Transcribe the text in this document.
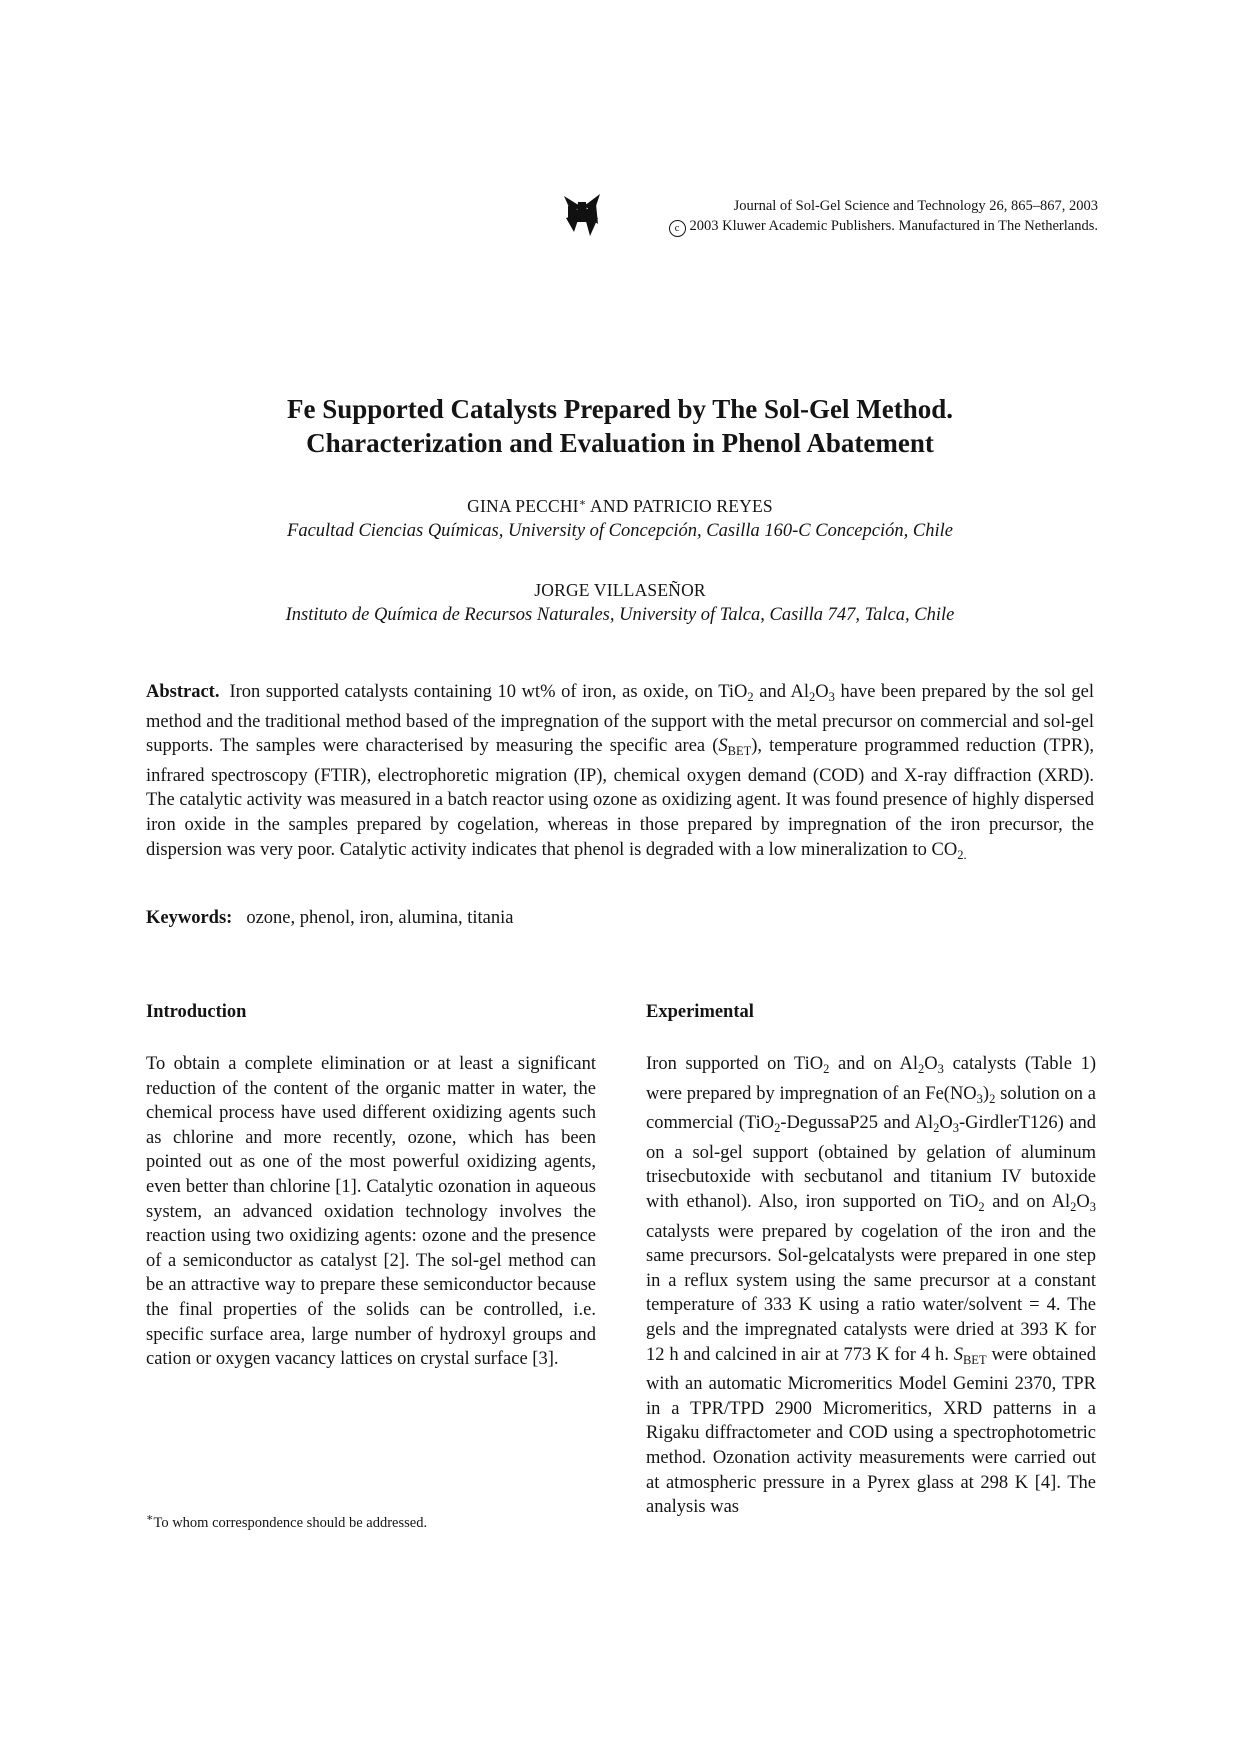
Journal of Sol-Gel Science and Technology 26, 865–867, 2003
c 2003 Kluwer Academic Publishers. Manufactured in The Netherlands.
Fe Supported Catalysts Prepared by The Sol-Gel Method.
Characterization and Evaluation in Phenol Abatement
GINA PECCHI∗ AND PATRICIO REYES
Facultad Ciencias Químicas, University of Concepción, Casilla 160-C Concepción, Chile
JORGE VILLASEÑOR
Instituto de Química de Recursos Naturales, University of Talca, Casilla 747, Talca, Chile
Abstract. Iron supported catalysts containing 10 wt% of iron, as oxide, on TiO$_2$ and $Al_2O_3$ have been prepared by the sol gel method and the traditional method based of the impregnation of the support with the metal precursor on commercial and sol-gel supports. The samples were characterised by measuring the specific area $(S_{BET})$, temperature programmed reduction (TPR), infrared spectroscopy (FTIR), electrophoretic migration (IP), chemical oxygen demand (COD) and X-ray diffraction (XRD). The catalytic activity was measured in a batch reactor using ozone as oxidizing agent. It was found presence of highly dispersed iron oxide in the samples prepared by cogelation, whereas in those prepared by impregnation of the iron precursor, the dispersion was very poor. Catalytic activity indicates that phenol is degraded with a low mineralization to $CO_{2.}$
Keywords: ozone, phenol, iron, alumina, titania
Introduction	Experimental

To obtain a complete elimination or at least a significant reduction of the content of the organic matter in water, the chemical process have used different oxidizing agents such as chlorine and more recently, ozone, which has been pointed out as one of the most powerful oxidizing agents, even better than chlorine [1]. Catalytic ozonation in aqueous system, an advanced oxidation technology involves the reaction using two oxidizing agents: ozone and the presence of a semiconductor as catalyst [2]. The sol-gel method can be an attractive way to prepare these semiconductor because the final properties of the solids can be controlled, i.e. specific surface area, large number of hydroxyl groups and cation or oxygen vacancy lattices on crystal surface [3].

Iron supported on TiO$_2$ and on $Al_2O_3$ catalysts (Table 1) were prepared by impregnation of an $Fe(NO_3)_2$ solution on a commercial (TiO$_2$-DegussaP25 and $Al_2O_3-GirdlerT126$) and on a sol-gel support (obtained by gelation of aluminum trisecbutoxide with secbutanol and titanium IV butoxide with ethanol). Also, iron supported on TiO$_2$ and on $Al_2O_3$ catalysts were prepared by cogelation of the iron and the same precursors. Sol-gelcatalysts were prepared in one step in a reflux system using the same precursor at a constant temperature of 333 K using a ratio water/solvent = 4. The gels and the impregnated catalysts were dried at 393 K for 12 h and calcined in air at 773 K for 4 h. $S_{BET}$ were obtained with an automatic Micromeritics Model Gemini 2370, TPR in a TPR/TPD 2900 Micromeritics, XRD patterns in a Rigaku diffractometer and COD using a spectrophotometric method. Ozonation activity measurements were carried out at atmospheric pressure in a Pyrex glass at 298 K [4]. The analysis was

∗To whom correspondence should be addressed.
